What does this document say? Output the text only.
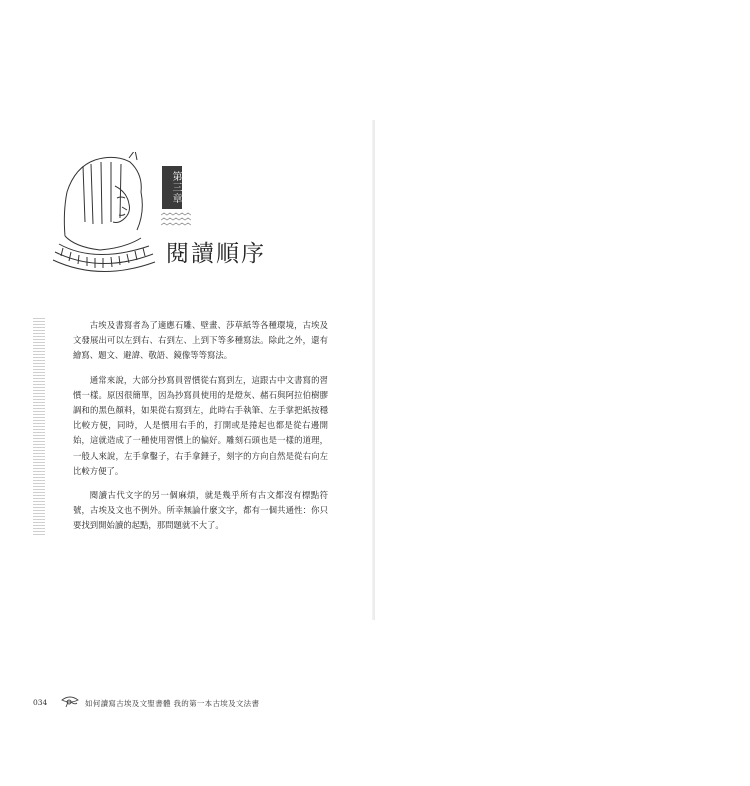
第三章
閱讀順序

古埃及書寫者為了適應石雕、壁畫、莎草紙等各種環境，古埃及文發展出可以左到右、右到左、上到下等多種寫法。除此之外，還有繪寫、題文、避諱、敬語、鏡像等等寫法。

通常來說，大部分抄寫員習慣從右寫到左，這跟古中文書寫的習慣一樣。原因很簡單，因為抄寫員使用的是燈灰、赭石與阿拉伯樹膠調和的黑色顏料，如果從右寫到左，此時右手執筆、左手掌把紙按穩比較方便，同時，人是慣用右手的，打開或是捲起也都是從右邊開始，這就造成了一種使用習慣上的偏好。雕刻石頭也是一樣的道理，一般人來說，左手拿鑿子，右手拿錘子，刻字的方向自然是從右向左比較方便了。

閱讀古代文字的另一個麻煩，就是幾乎所有古文都沒有標點符號，古埃及文也不例外。所幸無論什麼文字，都有一個共通性：你只要找到開始讀的起點，那問題就不大了。

034	如何讀寫古埃及文聖書體 我的第一本古埃及文法書
